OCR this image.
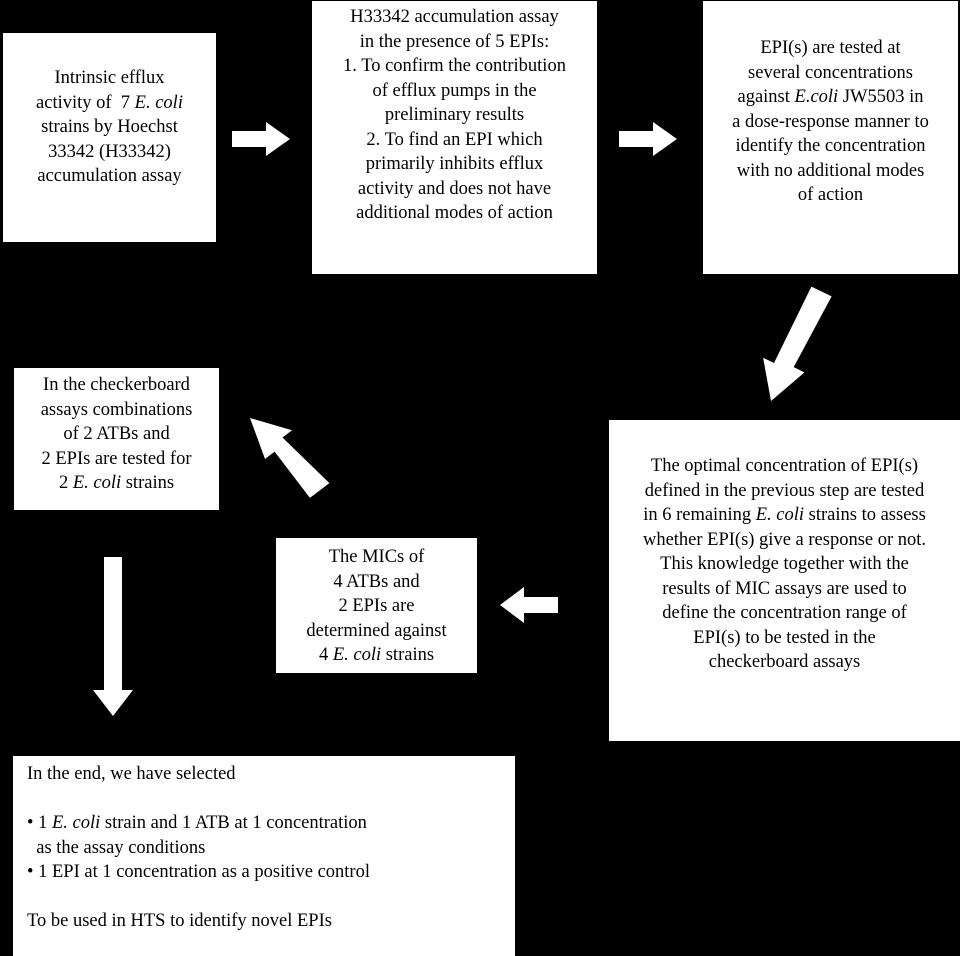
Intrinsic efflux
activity of  7 E. coli
strains by Hoechst
33342 (H33342)
accumulation assay
H33342 accumulation assay
in the presence of 5 EPIs:
1. To confirm the contribution
of efflux pumps in the
preliminary results
2. To find an EPI which
primarily inhibits efflux
activity and does not have
additional modes of action
EPI(s) are tested at
several concentrations
against E.coli JW5503 in
a dose-response manner to
identify the concentration
with no additional modes
of action
The optimal concentration of EPI(s)
defined in the previous step are tested
in 6 remaining E. coli strains to assess
whether EPI(s) give a response or not.
This knowledge together with the
results of MIC assays are used to
define the concentration range of
EPI(s) to be tested in the
checkerboard assays
The MICs of
4 ATBs and
2 EPIs are
determined against
4 E. coli strains
In the checkerboard
assays combinations
of 2 ATBs and
2 EPIs are tested for
2 E. coli strains
In the end, we have selected
• 1 E. coli strain and 1 ATB at 1 concentration
as the assay conditions
• 1 EPI at 1 concentration as a positive control
To be used in HTS to identify novel EPIs
